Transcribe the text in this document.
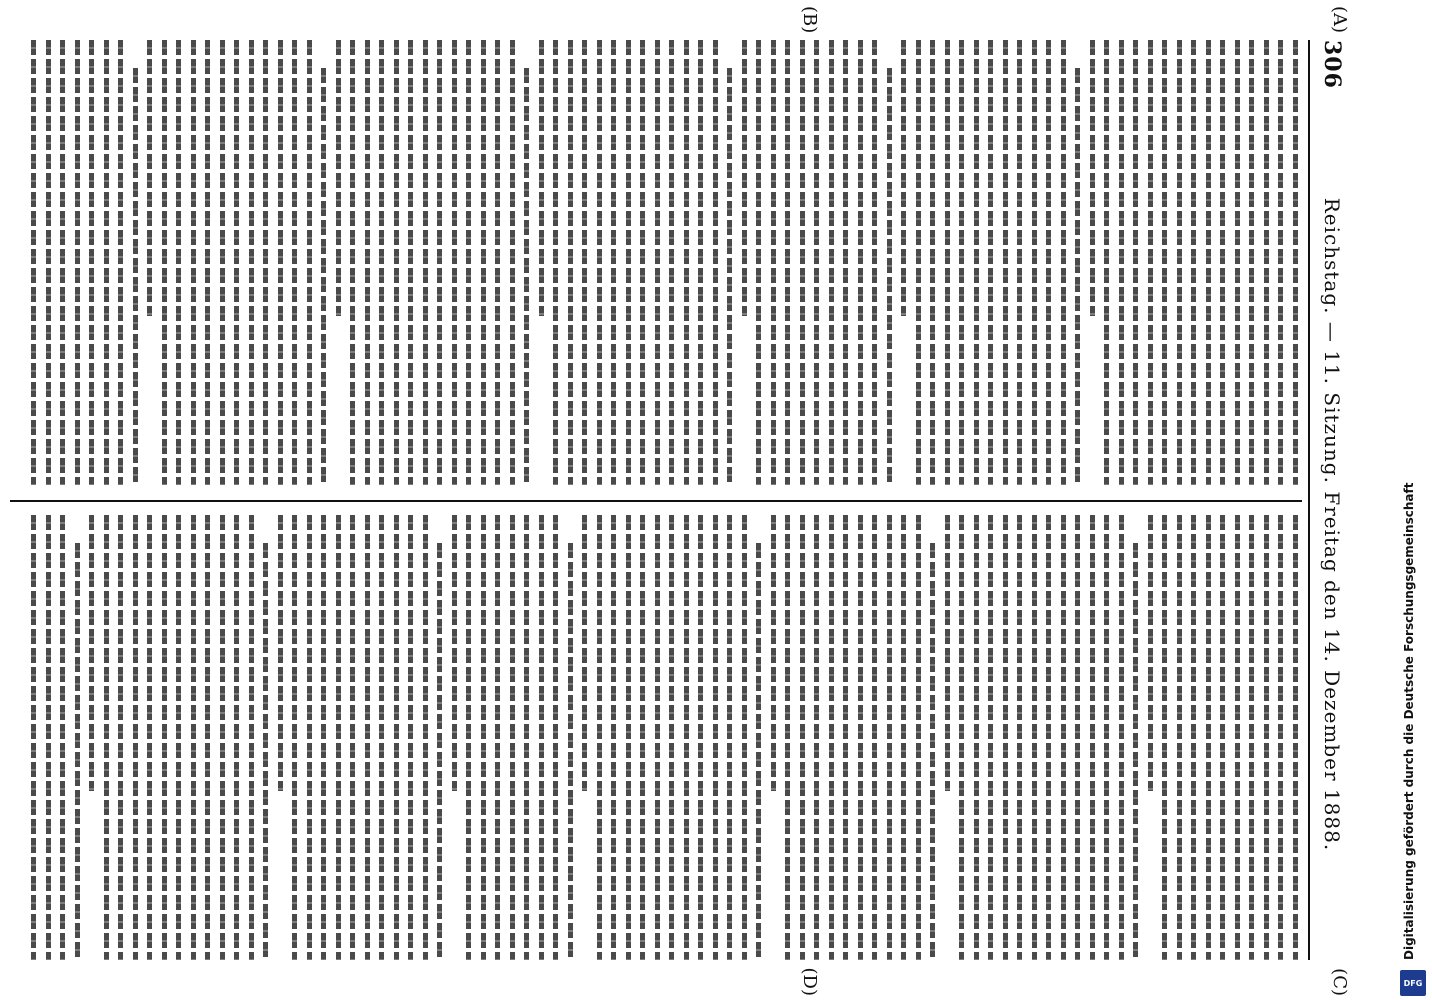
306
Reichstag. — 11. Sitzung. Freitag den 14. Dezember 1888.
(A)
(B)
(C)
(D)
Digitalisierung gefördert durch die Deutsche Forschungsgemeinschaft
DFG
